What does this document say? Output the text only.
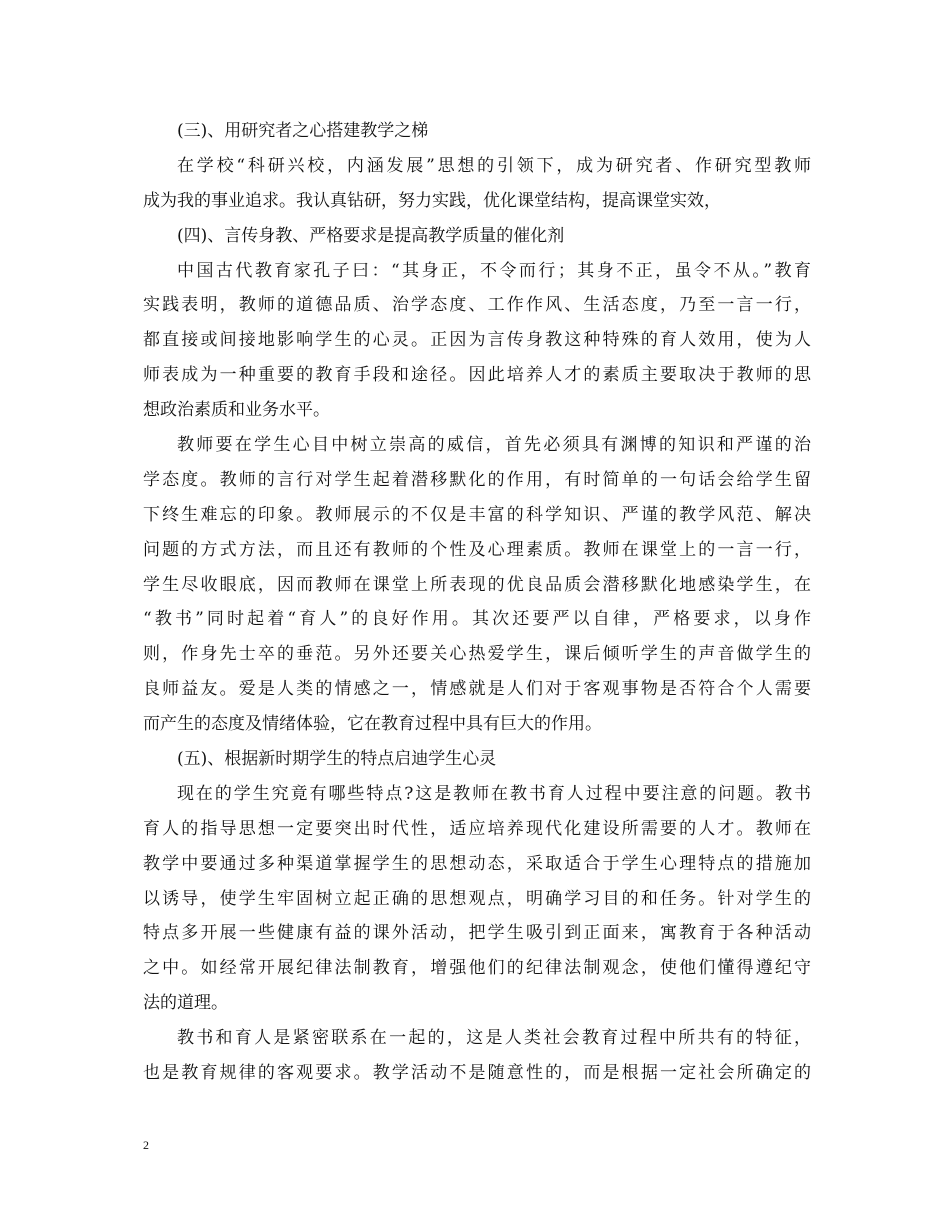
(三)、用研究者之心搭建教学之梯
在学校“科研兴校，内涵发展”思想的引领下，成为研究者、作研究型教师
成为我的事业追求。我认真钻研，努力实践，优化课堂结构，提高课堂实效，
(四)、言传身教、严格要求是提高教学质量的催化剂
中国古代教育家孔子曰：“其身正，不令而行；其身不正，虽令不从。”教育
实践表明，教师的道德品质、治学态度、工作作风、生活态度，乃至一言一行，
都直接或间接地影响学生的心灵。正因为言传身教这种特殊的育人效用，使为人
师表成为一种重要的教育手段和途径。因此培养人才的素质主要取决于教师的思
想政治素质和业务水平。
教师要在学生心目中树立崇高的威信，首先必须具有渊博的知识和严谨的治
学态度。教师的言行对学生起着潜移默化的作用，有时简单的一句话会给学生留
下终生难忘的印象。教师展示的不仅是丰富的科学知识、严谨的教学风范、解决
问题的方式方法，而且还有教师的个性及心理素质。教师在课堂上的一言一行，
学生尽收眼底，因而教师在课堂上所表现的优良品质会潜移默化地感染学生，在
“教书”同时起着“育人”的良好作用。其次还要严以自律，严格要求，以身作
则，作身先士卒的垂范。另外还要关心热爱学生，课后倾听学生的声音做学生的
良师益友。爱是人类的情感之一，情感就是人们对于客观事物是否符合个人需要
而产生的态度及情绪体验，它在教育过程中具有巨大的作用。
(五)、根据新时期学生的特点启迪学生心灵
现在的学生究竟有哪些特点?这是教师在教书育人过程中要注意的问题。教书
育人的指导思想一定要突出时代性，适应培养现代化建设所需要的人才。教师在
教学中要通过多种渠道掌握学生的思想动态，采取适合于学生心理特点的措施加
以诱导，使学生牢固树立起正确的思想观点，明确学习目的和任务。针对学生的
特点多开展一些健康有益的课外活动，把学生吸引到正面来，寓教育于各种活动
之中。如经常开展纪律法制教育，增强他们的纪律法制观念，使他们懂得遵纪守
法的道理。
教书和育人是紧密联系在一起的，这是人类社会教育过程中所共有的特征，
也是教育规律的客观要求。教学活动不是随意性的，而是根据一定社会所确定的
2
